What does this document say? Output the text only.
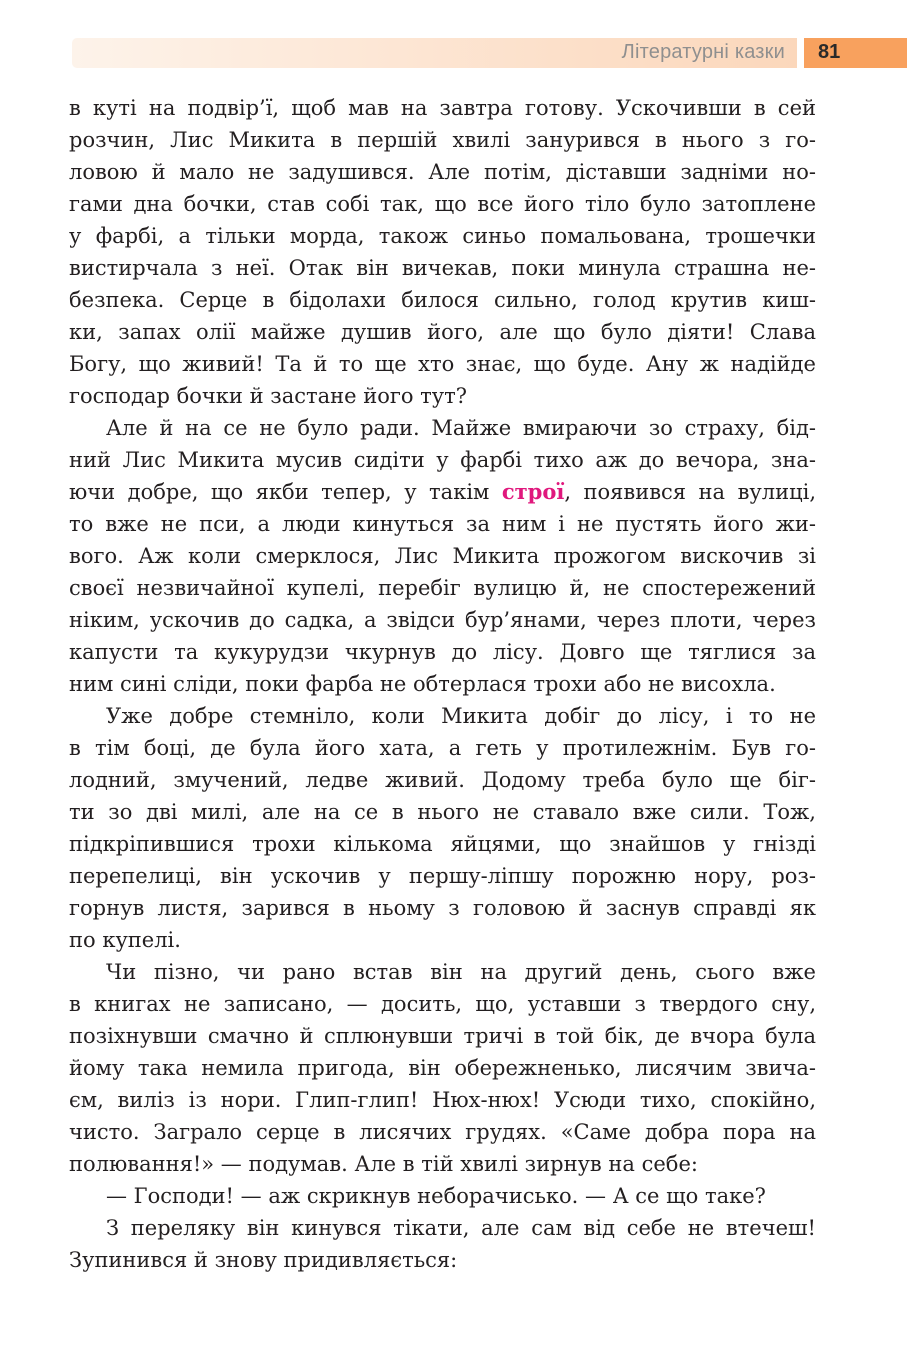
Літературні казки 81
в куті на подвір’ї, щоб мав на завтра готову. Ускочивши в сей
розчин, Лис Микита в першій хвилі занурився в нього з го-
ловою й мало не задушився. Але потім, діставши задніми но-
гами дна бочки, став собі так, що все його тіло було затоплене
у фарбі, а тільки морда, також синьо помальована, трошечки
вистирчала з неї. Отак він вичекав, поки минула страшна не-
безпека. Серце в бідолахи билося сильно, голод крутив киш-
ки, запах олії майже душив його, але що було діяти! Слава
Богу, що живий! Та й то ще хто знає, що буде. Ану ж надійде
господар бочки й застане його тут?
Але й на се не було ради. Майже вмираючи зо страху, бід-
ний Лис Микита мусив сидіти у фарбі тихо аж до вечора, зна-
ючи добре, що якби тепер, у такім строї, появився на вулиці,
то вже не пси, а люди кинуться за ним і не пустять його жи-
вого. Аж коли смерклося, Лис Микита прожогом вискочив зі
своєї незвичайної купелі, перебіг вулицю й, не спостережений
ніким, ускочив до садка, а звідси бур’янами, через плоти, через
капусти та кукурудзи чкурнув до лісу. Довго ще тяглися за
ним сині сліди, поки фарба не обтерлася трохи або не висохла.
Уже добре стемніло, коли Микита добіг до лісу, і то не
в тім боці, де була його хата, а геть у протилежнім. Був го-
лодний, змучений, ледве живий. Додому треба було ще біг-
ти зо дві милі, але на се в нього не ставало вже сили. Тож,
підкріпившися трохи кількома яйцями, що знайшов у гнізді
перепелиці, він ускочив у першу-ліпшу порожню нору, роз-
горнув листя, зарився в ньому з головою й заснув справді як
по купелі.
Чи пізно, чи рано встав він на другий день, сього вже
в книгах не записано, — досить, що, уставши з твердого сну,
позіхнувши смачно й сплюнувши тричі в той бік, де вчора була
йому така немила пригода, він обережненько, лисячим звича-
єм, виліз із нори. Глип-глип! Нюх-нюх! Усюди тихо, спокійно,
чисто. Заграло серце в лисячих грудях. «Саме добра пора на
полювання!» — подумав. Але в тій хвилі зирнув на себе:
— Господи! — аж скрикнув неборачисько. — А се що таке?
З переляку він кинувся тікати, але сам від себе не втечеш!
Зупинився й знову придивляється:
